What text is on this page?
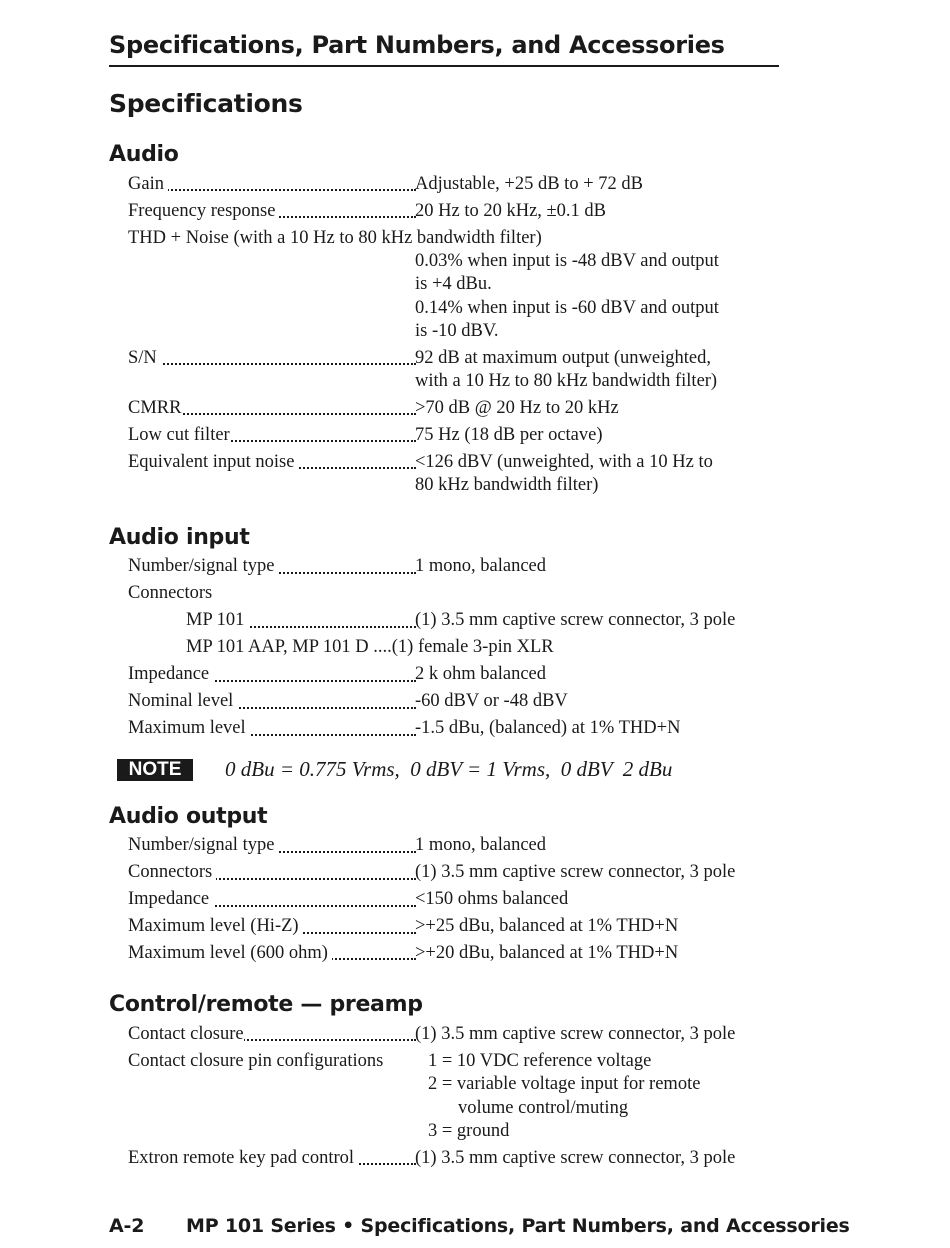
Specifications, Part Numbers, and Accessories
Specifications
Audio
Gain	Adjustable, +25 dB to + 72 dB
Frequency response	20 Hz to 20 kHz, ±0.1 dB
THD + Noise (with a 10 Hz to 80 kHz bandwidth filter)
0.03% when input is -48 dBV and output
is +4 dBu.
0.14% when input is -60 dBV and output
is -10 dBV.
S/N	92 dB at maximum output (unweighted,
with a 10 Hz to 80 kHz bandwidth filter)
CMRR	>70 dB @ 20 Hz to 20 kHz
Low cut filter	75 Hz (18 dB per octave)
Equivalent input noise	<126 dBV (unweighted, with a 10 Hz to
80 kHz bandwidth filter)
Audio input
Number/signal type	1 mono, balanced
Connectors
MP 101	(1) 3.5 mm captive screw connector, 3 pole
MP 101 AAP, MP 101 D ....(1) female 3-pin XLR
Impedance	2 k ohm balanced
Nominal level	-60 dBV or -48 dBV
Maximum level	-1.5 dBu, (balanced) at 1% THD+N
NOTE	0 dBu = 0.775 Vrms,  0 dBV = 1 Vrms,  0 dBV  2 dBu
Audio output
Number/signal type	1 mono, balanced
Connectors	(1) 3.5 mm captive screw connector, 3 pole
Impedance	<150 ohms balanced
Maximum level (Hi-Z)	>+25 dBu, balanced at 1% THD+N
Maximum level (600 ohm)	>+20 dBu, balanced at 1% THD+N
Control/remote — preamp
Contact closure	(1) 3.5 mm captive screw connector, 3 pole
Contact closure pin configurations	1 = 10 VDC reference voltage
2 = variable voltage input for remote
volume control/muting
3 = ground
Extron remote key pad control	(1) 3.5 mm captive screw connector, 3 pole
A-2 MP 101 Series • Specifications, Part Numbers, and Accessories
